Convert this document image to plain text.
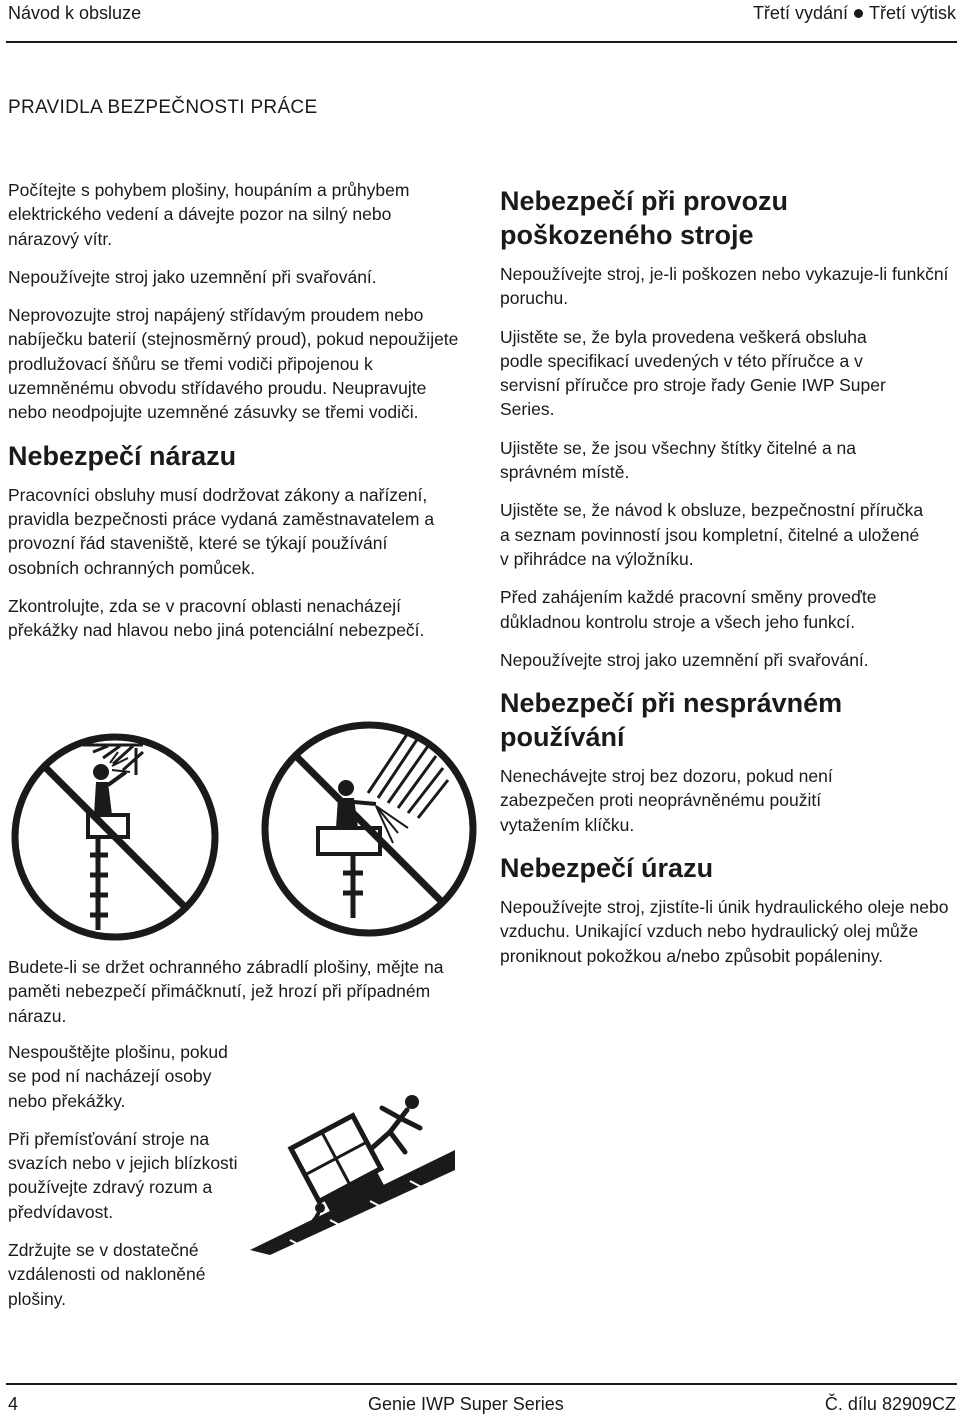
Návod k obsluze	Třetí vydání Třetí výtisk
PRAVIDLA BEZPEČNOSTI PRÁCE

Počítejte s pohybem plošiny, houpáním a průhybem elektrického vedení a dávejte pozor na silný nebo nárazový vítr.

Nepoužívejte stroj jako uzemnění při svařování.

Neprovozujte stroj napájený střídavým proudem nebo nabíječku baterií (stejnosměrný proud), pokud nepoužijete prodlužovací šňůru se třemi vodiči připojenou k uzemněnému obvodu střídavého proudu. Neupravujte nebo neodpojujte uzemněné zásuvky se třemi vodiči.

Nebezpečí nárazu

Pracovníci obsluhy musí dodržovat zákony a nařízení, pravidla bezpečnosti práce vydaná zaměstnavatelem a provozní řád staveniště, které se týkají používání osobních ochranných pomůcek.

Zkontrolujte, zda se v pracovní oblasti nenacházejí překážky nad hlavou nebo jiná potenciální nebezpečí.

Budete-li se držet ochranného zábradlí plošiny, mějte na paměti nebezpečí přimáčknutí, jež hrozí při případném nárazu.

Nespouštějte plošinu, pokud se pod ní nacházejí osoby nebo překážky.

Při přemísťování stroje na svazích nebo v jejich blízkosti používejte zdravý rozum a předvídavost.

Zdržujte se v dostatečné vzdálenosti od nakloněné plošiny.

Nebezpečí při provozu poškozeného stroje

Nepoužívejte stroj, je-li poškozen nebo vykazuje-li funkční poruchu.

Ujistěte se, že byla provedena veškerá obsluha podle specifikací uvedených v této příručce a v servisní příručce pro stroje řady Genie IWP Super Series.

Ujistěte se, že jsou všechny štítky čitelné a na správném místě.

Ujistěte se, že návod k obsluze, bezpečnostní příručka a seznam povinností jsou kompletní, čitelné a uložené v přihrádce na výložníku.

Před zahájením každé pracovní směny proveďte důkladnou kontrolu stroje a všech jeho funkcí.

Nepoužívejte stroj jako uzemnění při svařování.

Nebezpečí při nesprávném používání

Nenechávejte stroj bez dozoru, pokud není zabezpečen proti neoprávněnému použití vytažením klíčku.

Nebezpečí úrazu

Nepoužívejte stroj, zjistíte-li únik hydraulického oleje nebo vzduchu. Unikající vzduch nebo hydraulický olej může proniknout pokožkou a/nebo způsobit popáleniny.

4	Genie IWP Super Series	Č. dílu 82909CZ
